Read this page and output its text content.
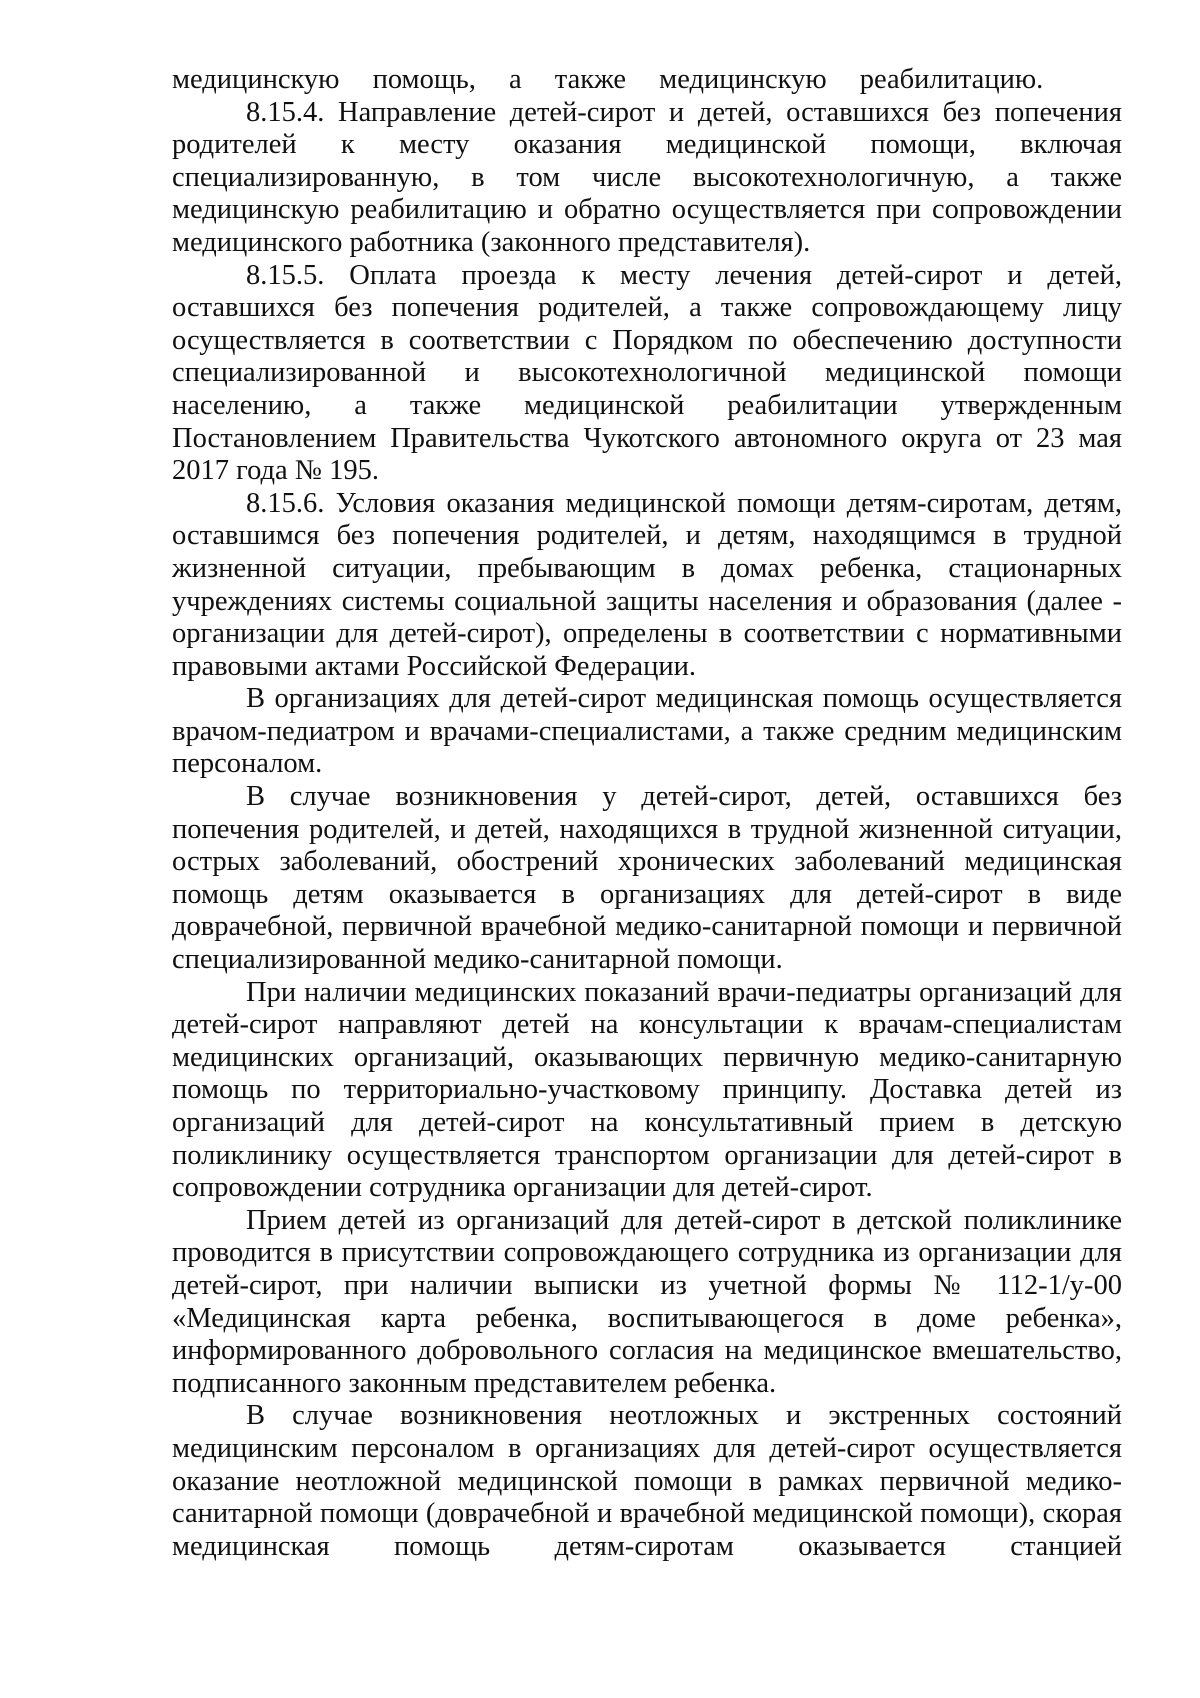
медицинскую помощь, а также медицинскую реабилитацию.

8.15.4. Направление детей-сирот и детей, оставшихся без попечения родителей к месту оказания медицинской помощи, включая специализированную, в том числе высокотехнологичную, а также медицинскую реабилитацию и обратно осуществляется при сопровождении медицинского работника (законного представителя).

8.15.5. Оплата проезда к месту лечения детей-сирот и детей, оставшихся без попечения родителей, а также сопровождающему лицу осуществляется в соответствии с Порядком по обеспечению доступности специализированной и высокотехнологичной медицинской помощи населению, а также медицинской реабилитации утвержденным Постановлением Правительства Чукотского автономного округа от 23 мая 2017 года № 195.

8.15.6. Условия оказания медицинской помощи детям-сиротам, детям, оставшимся без попечения родителей, и детям, находящимся в трудной жизненной ситуации, пребывающим в домах ребенка, стационарных учреждениях системы социальной защиты населения и образования (далее - организации для детей-сирот), определены в соответствии с нормативными правовыми актами Российской Федерации.

В организациях для детей-сирот медицинская помощь осуществляется врачом-педиатром и врачами-специалистами, а также средним медицинским персоналом.

В случае возникновения у детей-сирот, детей, оставшихся без попечения родителей, и детей, находящихся в трудной жизненной ситуации, острых заболеваний, обострений хронических заболеваний медицинская помощь детям оказывается в организациях для детей-сирот в виде доврачебной, первичной врачебной медико-санитарной помощи и первичной специализированной медико-санитарной помощи.

При наличии медицинских показаний врачи-педиатры организаций для детей-сирот направляют детей на консультации к врачам-специалистам медицинских организаций, оказывающих первичную медико-санитарную помощь по территориально-участковому принципу. Доставка детей из организаций для детей-сирот на консультативный прием в детскую поликлинику осуществляется транспортом организации для детей-сирот в сопровождении сотрудника организации для детей-сирот.

Прием детей из организаций для детей-сирот в детской поликлинике проводится в присутствии сопровождающего сотрудника из организации для детей-сирот, при наличии выписки из учетной формы № 112-1/у-00 «Медицинская карта ребенка, воспитывающегося в доме ребенка», информированного добровольного согласия на медицинское вмешательство, подписанного законным представителем ребенка.

В случае возникновения неотложных и экстренных состояний медицинским персоналом в организациях для детей-сирот осуществляется оказание неотложной медицинской помощи в рамках первичной медико-санитарной помощи (доврачебной и врачебной медицинской помощи), скорая медицинская помощь детям-сиротам оказывается станцией
